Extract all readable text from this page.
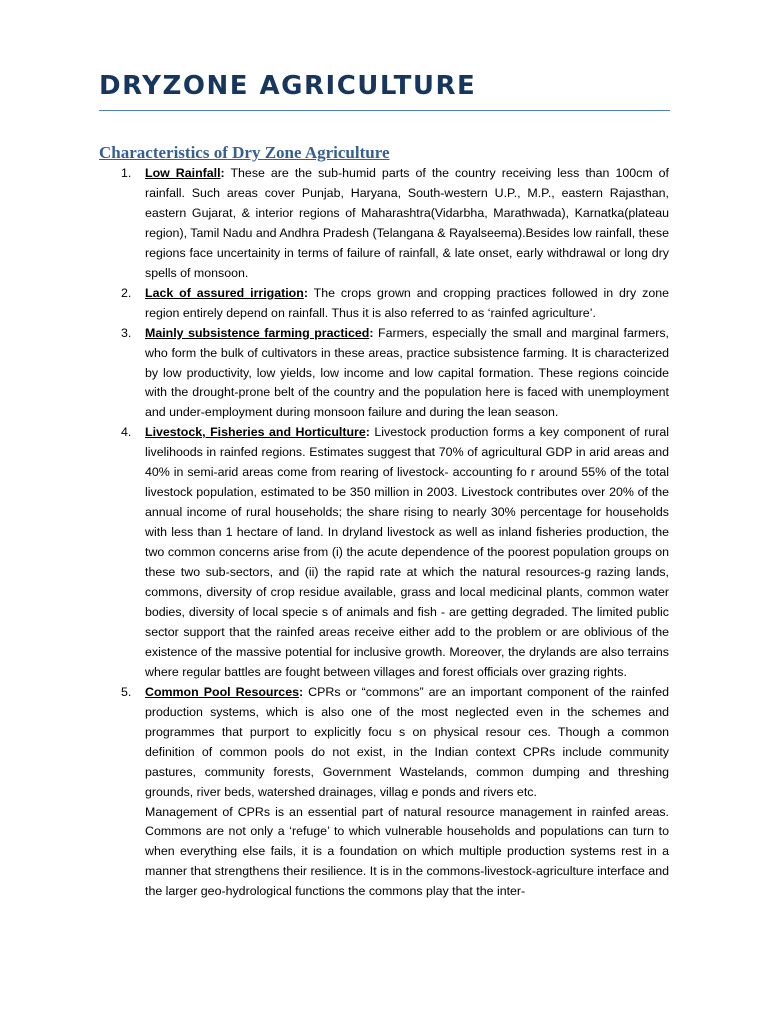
DRYZONE AGRICULTURE
Characteristics of Dry Zone Agriculture
1. Low Rainfall: These are the sub-humid parts of the country receiving less than 100cm of rainfall. Such areas cover Punjab, Haryana, South-western U.P., M.P., eastern Rajasthan, eastern Gujarat, & interior regions of Maharashtra(Vidarbha, Marathwada), Karnatka(plateau region), Tamil Nadu and Andhra Pradesh (Telangana & Rayalseema).Besides low rainfall, these regions face uncertainity in terms of failure of rainfall, & late onset, early withdrawal or long dry spells of monsoon.
2. Lack of assured irrigation: The crops grown and cropping practices followed in dry zone region entirely depend on rainfall. Thus it is also referred to as ‘rainfed agriculture’.
3. Mainly subsistence farming practiced: Farmers, especially the small and marginal farmers, who form the bulk of cultivators in these areas, practice subsistence farming. It is characterized by low productivity, low yields, low income and low capital formation. These regions coincide with the drought-prone belt of the country and the population here is faced with unemployment and under-employment during monsoon failure and during the lean season.
4. Livestock, Fisheries and Horticulture: Livestock production forms a key component of rural livelihoods in rainfed regions. Estimates suggest that 70% of agricultural GDP in arid areas and 40% in semi-arid areas come from rearing of livestock- accounting fo r around 55% of the total livestock population, estimated to be 350 million in 2003. Livestock contributes over 20% of the annual income of rural households; the share rising to nearly 30% percentage for households with less than 1 hectare of land. In dryland livestock as well as inland fisheries production, the two common concerns arise from (i) the acute dependence of the poorest population groups on these two sub-sectors, and (ii) the rapid rate at which the natural resources-g razing lands, commons, diversity of crop residue available, grass and local medicinal plants, common water bodies, diversity of local specie s of animals and fish - are getting degraded. The limited public sector support that the rainfed areas receive either add to the problem or are oblivious of the existence of the massive potential for inclusive growth. Moreover, the drylands are also terrains where regular battles are fought between villages and forest officials over grazing rights.
5. Common Pool Resources: CPRs or “commons” are an important component of the rainfed production systems, which is also one of the most neglected even in the schemes and programmes that purport to explicitly focu s on physical resour ces. Though a common definition of common pools do not exist, in the Indian context CPRs include community pastures, community forests, Government Wastelands, common dumping and threshing grounds, river beds, watershed drainages, villag e ponds and rivers etc.

Management of CPRs is an essential part of natural resource management in rainfed areas. Commons are not only a ‘refuge’ to which vulnerable households and populations can turn to when everything else fails, it is a foundation on which multiple production systems rest in a manner that strengthens their resilience. It is in the commons-livestock-agriculture interface and the larger geo-hydrological functions the commons play that the inter-
